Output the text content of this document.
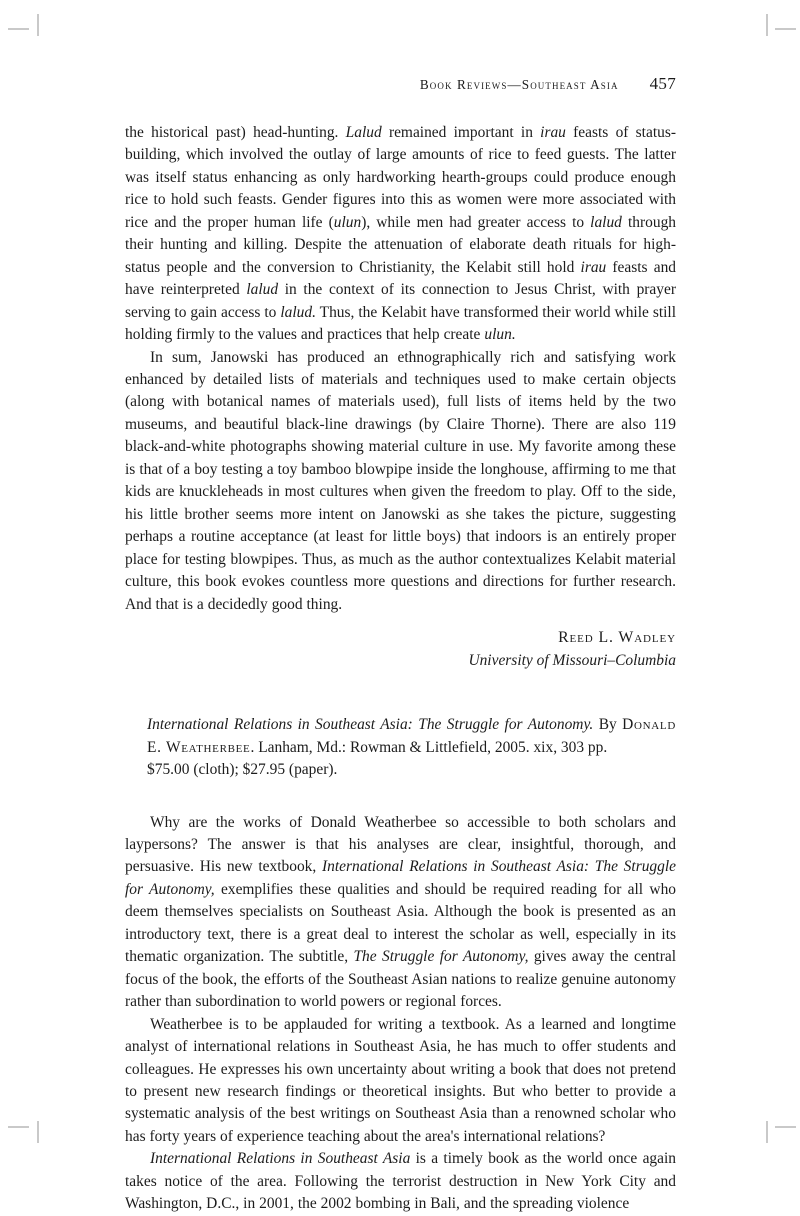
Book Reviews—Southeast Asia 457

the historical past) head-hunting. Lalud remained important in irau feasts of status-building, which involved the outlay of large amounts of rice to feed guests. The latter was itself status enhancing as only hardworking hearth-groups could produce enough rice to hold such feasts. Gender figures into this as women were more associated with rice and the proper human life (ulun), while men had greater access to lalud through their hunting and killing. Despite the attenuation of elaborate death rituals for high-status people and the conversion to Christianity, the Kelabit still hold irau feasts and have reinterpreted lalud in the context of its connection to Jesus Christ, with prayer serving to gain access to lalud. Thus, the Kelabit have transformed their world while still holding firmly to the values and practices that help create ulun.

In sum, Janowski has produced an ethnographically rich and satisfying work enhanced by detailed lists of materials and techniques used to make certain objects (along with botanical names of materials used), full lists of items held by the two museums, and beautiful black-line drawings (by Claire Thorne). There are also 119 black-and-white photographs showing material culture in use. My favorite among these is that of a boy testing a toy bamboo blowpipe inside the longhouse, affirming to me that kids are knuckleheads in most cultures when given the freedom to play. Off to the side, his little brother seems more intent on Janowski as she takes the picture, suggesting perhaps a routine acceptance (at least for little boys) that indoors is an entirely proper place for testing blowpipes. Thus, as much as the author contextualizes Kelabit material culture, this book evokes countless more questions and directions for further research. And that is a decidedly good thing.

Reed L. Wadley
University of Missouri–Columbia
International Relations in Southeast Asia: The Struggle for Autonomy. By Donald E. Weatherbee. Lanham, Md.: Rowman & Littlefield, 2005. xix, 303 pp.
$75.00 (cloth); $27.95 (paper).

Why are the works of Donald Weatherbee so accessible to both scholars and laypersons? The answer is that his analyses are clear, insightful, thorough, and persuasive. His new textbook, International Relations in Southeast Asia: The Struggle for Autonomy, exemplifies these qualities and should be required reading for all who deem themselves specialists on Southeast Asia. Although the book is presented as an introductory text, there is a great deal to interest the scholar as well, especially in its thematic organization. The subtitle, The Struggle for Autonomy, gives away the central focus of the book, the efforts of the Southeast Asian nations to realize genuine autonomy rather than subordination to world powers or regional forces.

Weatherbee is to be applauded for writing a textbook. As a learned and longtime analyst of international relations in Southeast Asia, he has much to offer students and colleagues. He expresses his own uncertainty about writing a book that does not pretend to present new research findings or theoretical insights. But who better to provide a systematic analysis of the best writings on Southeast Asia than a renowned scholar who has forty years of experience teaching about the area's international relations?

International Relations in Southeast Asia is a timely book as the world once again takes notice of the area. Following the terrorist destruction in New York City and Washington, D.C., in 2001, the 2002 bombing in Bali, and the spreading violence
